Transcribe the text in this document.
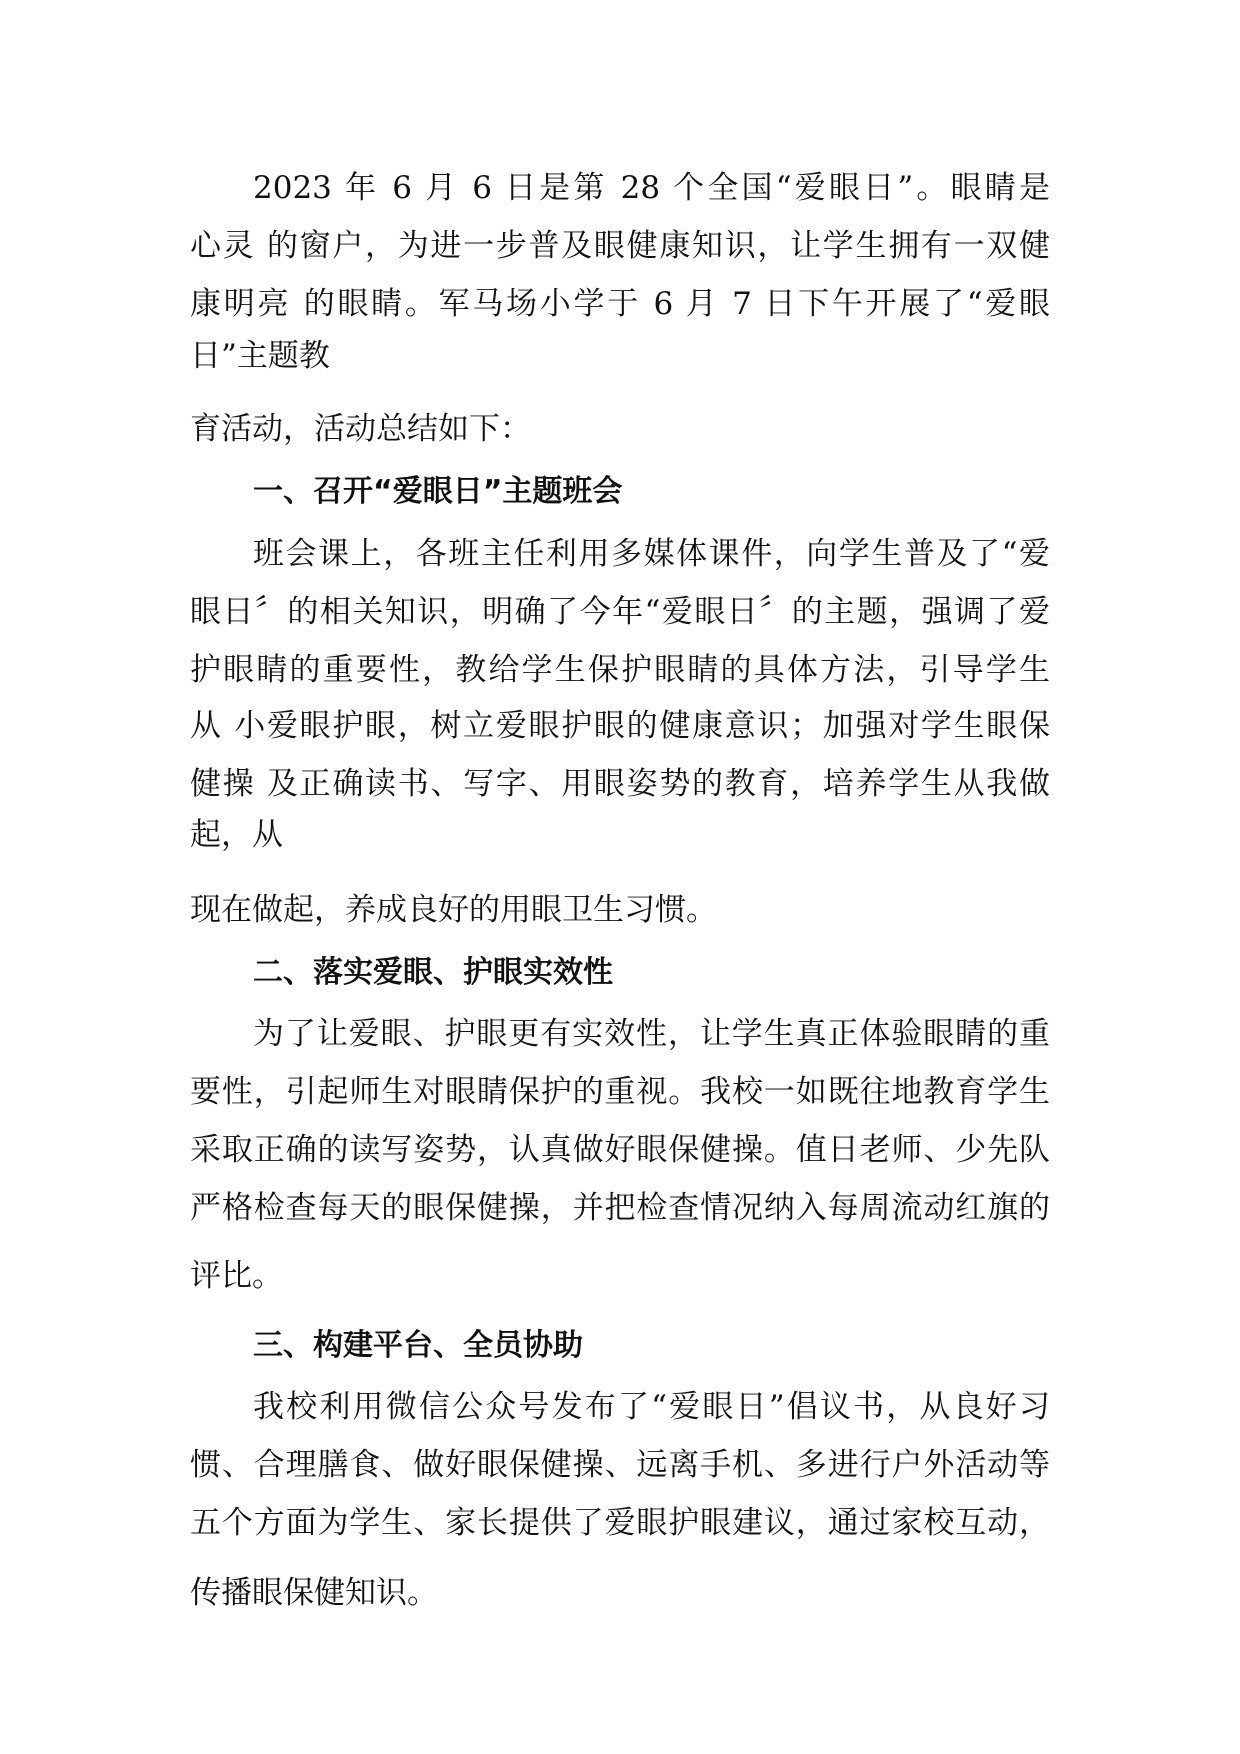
2023 年 6 月 6 日是第 28 个全国“爱眼日”。眼睛是

心灵 的窗户，为进一步普及眼健康知识，让学生拥有一双健

康明亮 的眼睛。军马场小学于 6 月 7 日下午开展了“爱眼

日”主题教

育活动，活动总结如下：

一、召开“爱眼日”主题班会

班会课上，各班主任利用多媒体课件，向学生普及了“爱

眼日〞的相关知识，明确了今年“爱眼日〞的主题，强调了爱

护眼睛的重要性，教给学生保护眼睛的具体方法，引导学生

从 小爱眼护眼，树立爱眼护眼的健康意识；加强对学生眼保

健操 及正确读书、写字、用眼姿势的教育，培养学生从我做

起，从

现在做起，养成良好的用眼卫生习惯。

二、落实爱眼、护眼实效性

为了让爱眼、护眼更有实效性，让学生真正体验眼睛的重

要性，引起师生对眼睛保护的重视。我校一如既往地教育学生

采取正确的读写姿势，认真做好眼保健操。值日老师、少先队

严格检查每天的眼保健操，并把检查情况纳入每周流动红旗的

评比。

三、构建平台、全员协助

我校利用微信公众号发布了“爱眼日”倡议书，从良好习

惯、合理膳食、做好眼保健操、远离手机、多进行户外活动等

五个方面为学生、家长提供了爱眼护眼建议，通过家校互动，

传播眼保健知识。
